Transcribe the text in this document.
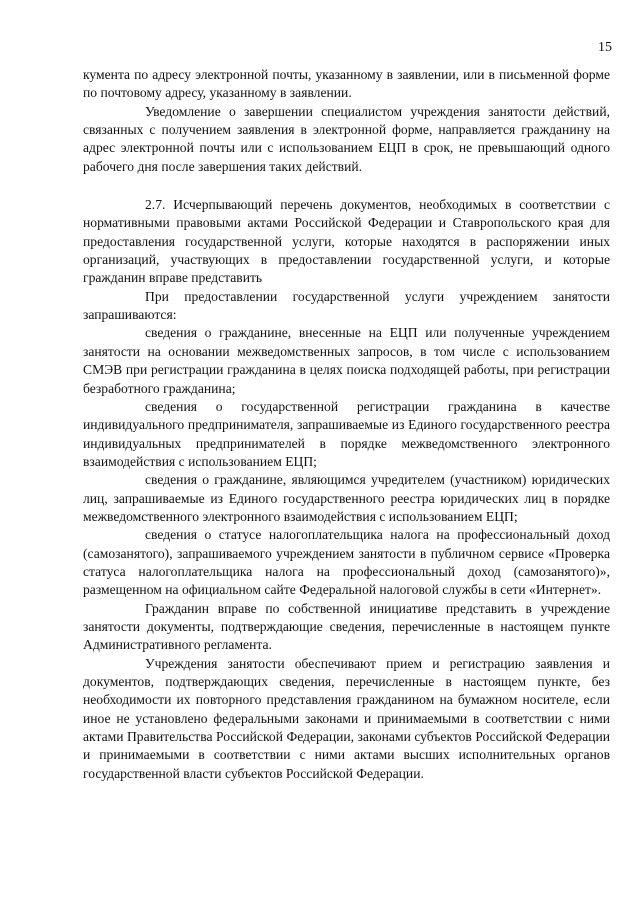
15

кумента по адресу электронной почты, указанному в заявлении, или в письменной форме по почтовому адресу, указанному в заявлении.

Уведомление о завершении специалистом учреждения занятости действий, связанных с получением заявления в электронной форме, направляется гражданину на адрес электронной почты или с использованием ЕЦП в срок, не превышающий одного рабочего дня после завершения таких действий.

2.7. Исчерпывающий перечень документов, необходимых в соответствии с нормативными правовыми актами Российской Федерации и Ставропольского края для предоставления государственной услуги, которые находятся в распоряжении иных организаций, участвующих в предоставлении государственной услуги, и которые гражданин вправе представить

При предоставлении государственной услуги учреждением занятости запрашиваются:

сведения о гражданине, внесенные на ЕЦП или полученные учреждением занятости на основании межведомственных запросов, в том числе с использованием СМЭВ при регистрации гражданина в целях поиска подходящей работы, при регистрации безработного гражданина;

сведения о государственной регистрации гражданина в качестве индивидуального предпринимателя, запрашиваемые из Единого государственного реестра индивидуальных предпринимателей в порядке межведомственного электронного взаимодействия с использованием ЕЦП;

сведения о гражданине, являющимся учредителем (участником) юридических лиц, запрашиваемые из Единого государственного реестра юридических лиц в порядке межведомственного электронного взаимодействия с использованием ЕЦП;

сведения о статусе налогоплательщика налога на профессиональный доход (самозанятого), запрашиваемого учреждением занятости в публичном сервисе «Проверка статуса налогоплательщика налога на профессиональный доход (самозанятого)», размещенном на официальном сайте Федеральной налоговой службы в сети «Интернет».

Гражданин вправе по собственной инициативе представить в учреждение занятости документы, подтверждающие сведения, перечисленные в настоящем пункте Административного регламента.

Учреждения занятости обеспечивают прием и регистрацию заявления и документов, подтверждающих сведения, перечисленные в настоящем пункте, без необходимости их повторного представления гражданином на бумажном носителе, если иное не установлено федеральными законами и принимаемыми в соответствии с ними актами Правительства Российской Федерации, законами субъектов Российской Федерации и принимаемыми в соответствии с ними актами высших исполнительных органов государственной власти субъектов Российской Федерации.
